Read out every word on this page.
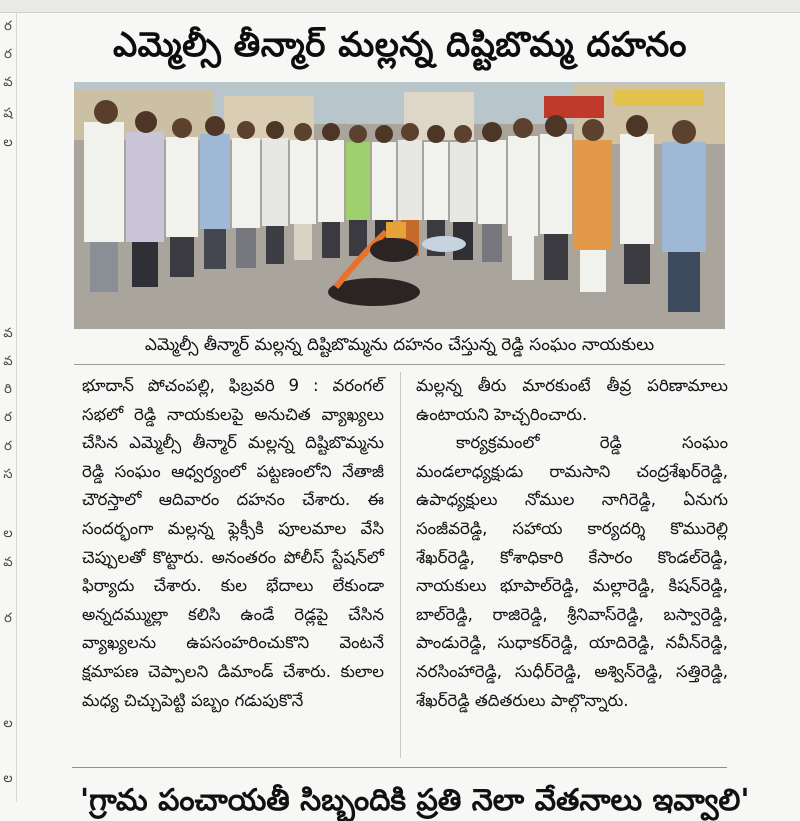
ర
ర
వ
ష
ల
వ
వ
రి
ర
ర
స
ల
వ
ర
ల
ల
ఎమ్మెల్సీ తీన్మార్ మల్లన్న దిష్టిబొమ్మ దహనం
ఎమ్మెల్సీ తీన్మార్ మల్లన్న దిష్టిబొమ్మను దహనం చేస్తున్న రెడ్డి సంఘం నాయకులు

భూదాన్ పోచంపల్లి, ఫిబ్రవరి 9 : వరంగల్ సభలో రెడ్డి నాయకులపై అనుచిత వ్యాఖ్యలు చేసిన ఎమ్మెల్సీ తీన్మార్ మల్లన్న దిష్టిబొమ్మను రెడ్డి సంఘం ఆధ్వర్యంలో పట్టణంలోని నేతాజీ చౌరస్తాలో ఆదివారం దహనం చేశారు. ఈ సందర్భంగా మల్లన్న ఫ్లెక్సీకి పూలమాల వేసి చెప్పులతో కొట్టారు. అనంతరం పోలీస్ స్టేషన్‌లో ఫిర్యాదు చేశారు. కుల భేదాలు లేకుండా అన్నదమ్ముల్లా కలిసి ఉండే రెడ్లపై చేసిన వ్యాఖ్యలను ఉపసంహరించుకొని వెంటనే క్షమాపణ చెప్పాలని డిమాండ్ చేశారు. కులాల మధ్య చిచ్చుపెట్టి పబ్బం గడుపుకొనే

మల్లన్న తీరు మారకుంటే తీవ్ర పరిణామాలు ఉంటాయని హెచ్చరించారు.

కార్యక్రమంలో రెడ్డి సంఘం మండలాధ్యక్షుడు రామసాని చంద్రశేఖర్‌రెడ్డి, ఉపాధ్యక్షులు నోముల నాగిరెడ్డి, ఏనుగు సంజీవరెడ్డి, సహాయ కార్యదర్శి కొమురెల్లి శేఖర్‌రెడ్డి, కోశాధికారి కేసారం కొండల్‌రెడ్డి, నాయకులు భూపాల్‌రెడ్డి, మల్లారెడ్డి, కిషన్‌రెడ్డి, బాల్‌రెడ్డి, రాజిరెడ్డి, శ్రీనివాస్‌రెడ్డి, బస్వారెడ్డి, పాండురెడ్డి, సుధాకర్‌రెడ్డి, యాదిరెడ్డి, నవీన్‌రెడ్డి, నరసింహారెడ్డి, సుధీర్‌రెడ్డి, అశ్విన్‌రెడ్డి, సత్తిరెడ్డి, శేఖర్‌రెడ్డి తదితరులు పాల్గొన్నారు.

'గ్రామ పంచాయతీ సిబ్బందికి ప్రతి నెలా వేతనాలు ఇవ్వాలి'
